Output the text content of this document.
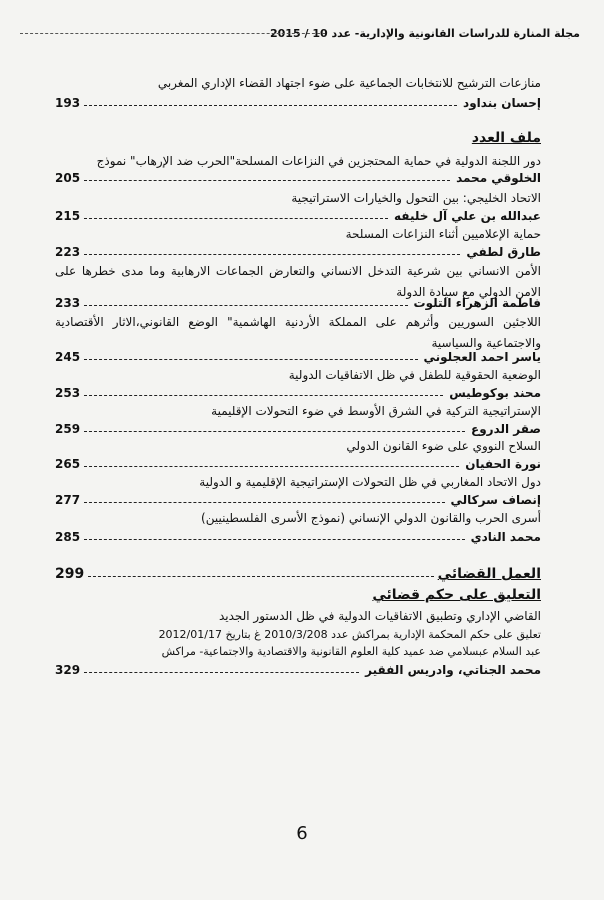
مجلة المنارة للدراسات القانونية والإدارية- عدد 10 / 2015
منازعات الترشيح للانتخابات الجماعية على ضوء اجتهاد القضاء الإداري المغربي
إحسان بنداود
193
ملف العدد
دور اللجنة الدولية في حماية المحتجزين في النزاعات المسلحة"الحرب ضد الإرهاب" نموذج
الخلوقي محمد
205
الاتحاد الخليجي: بين التحول والخيارات الاستراتيجية
عبدالله بن علي آل خليفه
215
حماية الإعلاميين أثناء النزاعات المسلحة
طارق لطفي
223
الأمن الانساني بين شرعية التدخل الانساني والتعارض الجماعات الارهابية وما مدى خطرها على الامن الدولي مع سيادة الدولة
فاطمة الزهراء التلوت
233
اللاجئين السوريين وأثرهم على المملكة الأردنية الهاشمية" الوضع القانوني،الاثار الأقتصادية والاجتماعية والسياسية
ياسر احمد العجلوني
245
الوضعية الحقوقية للطفل في ظل الاتفاقيات الدولية
محند بوكوطيس
253
الإستراتيجية التركية في الشرق الأوسط في ضوء التحولات الإقليمية
صقر الدروع
259
السلاح النووي على ضوء القانون الدولي
نورة الحفيان
265
دول الاتحاد المغاربي في ظل التحولات الإستراتيجية الإقليمية و الدولية
إنصاف سركالي
277
أسرى الحرب والقانون الدولي الإنساني (نموذج الأسرى الفلسطينيين)
محمد النادي
285
العمل القضائي
299
التعليق على حكم قضائي
القاضي الإداري وتطبيق الاتفاقيات الدولية في ظل الدستور الجديد
تعليق على حكم المحكمة الإدارية بمراكش عدد 2010/3/208 غ بتاريخ 2012/01/17
عبد السلام عبسلامي ضد عميد كلية العلوم القانونية والاقتصادية والاجتماعية- مراكش
محمد الجناتي، وادريس الفقير
329
6
